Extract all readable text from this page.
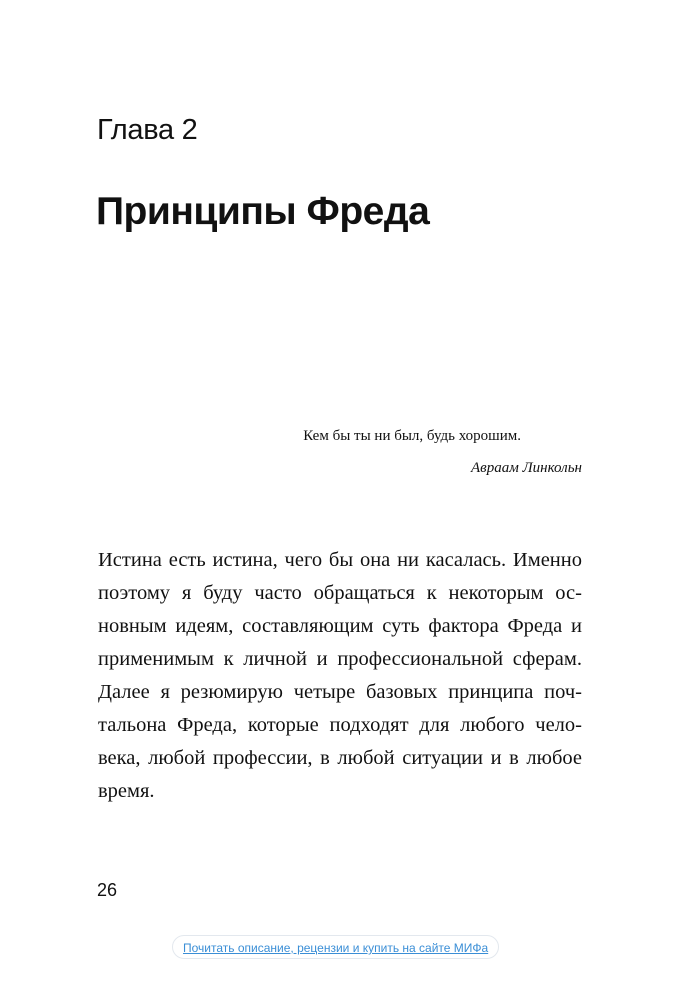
Глава 2
Принципы Фреда

Кем бы ты ни был, будь хорошим.

Авраам Линкольн

Истина есть истина, чего бы она ни касалась. Именно поэтому я буду часто обращаться к некоторым основным идеям, составляющим суть фактора Фреда и применимым к личной и профессиональной сферам. Далее я резюмирую четыре базовых принципа почтальона Фреда, которые подходят для любого человека, любой профессии, в любой ситуации и в любое время.

26
Почитать описание, рецензии и купить на сайте МИФа
